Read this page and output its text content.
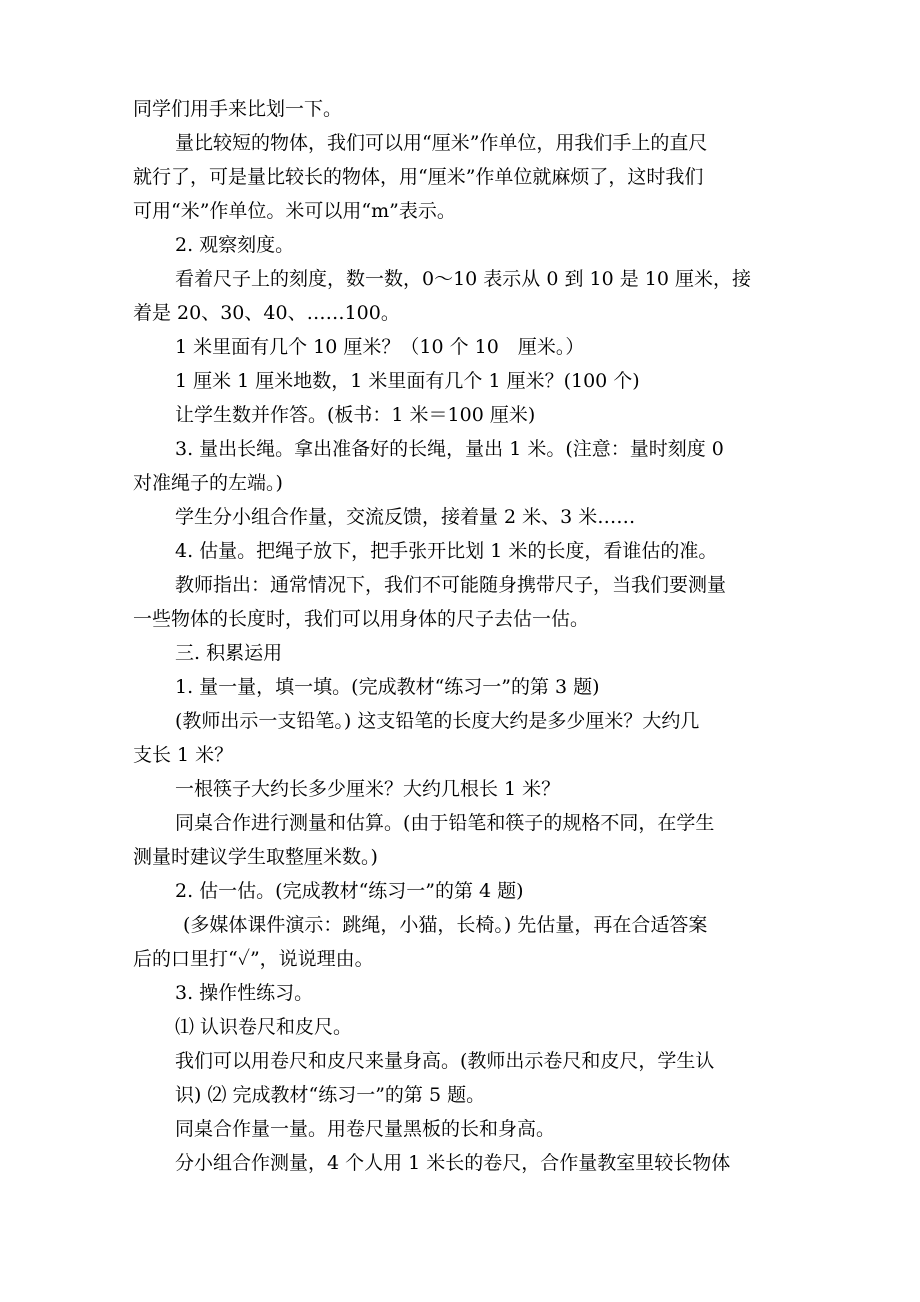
同学们用手来比划一下。

量比较短的物体，我们可以用“厘米”作单位，用我们手上的直尺

就行了，可是量比较长的物体，用“厘米”作单位就麻烦了，这时我们

可用“米”作单位。米可以用“m”表示。

2. 观察刻度。

看着尺子上的刻度，数一数，0～10 表示从 0 到 10 是 10 厘米，接

着是 20、30、40、……100。

1 米里面有几个 10 厘米？（10 个 10　厘米。）

1 厘米 1 厘米地数，1 米里面有几个 1 厘米？(100 个)

让学生数并作答。(板书：1 米＝100 厘米)

3. 量出长绳。拿出准备好的长绳，量出 1 米。(注意：量时刻度 0

对准绳子的左端。)

学生分小组合作量，交流反馈，接着量 2 米、3 米……

4. 估量。把绳子放下，把手张开比划 1 米的长度，看谁估的准。

教师指出：通常情况下，我们不可能随身携带尺子，当我们要测量

一些物体的长度时，我们可以用身体的尺子去估一估。

三. 积累运用

1. 量一量，填一填。(完成教材“练习一”的第 3 题)

(教师出示一支铅笔。) 这支铅笔的长度大约是多少厘米？大约几

支长 1 米？

一根筷子大约长多少厘米？大约几根长 1 米？

同桌合作进行测量和估算。(由于铅笔和筷子的规格不同，在学生

测量时建议学生取整厘米数。)

2. 估一估。(完成教材“练习一”的第 4 题)

(多媒体课件演示：跳绳，小猫，长椅。) 先估量，再在合适答案

后的口里打“✓”，说说理由。

3. 操作性练习。

⑴ 认识卷尺和皮尺。

我们可以用卷尺和皮尺来量身高。(教师出示卷尺和皮尺，学生认

识) ⑵ 完成教材“练习一”的第 5 题。

同桌合作量一量。用卷尺量黑板的长和身高。

分小组合作测量，4 个人用 1 米长的卷尺，合作量教室里较长物体
